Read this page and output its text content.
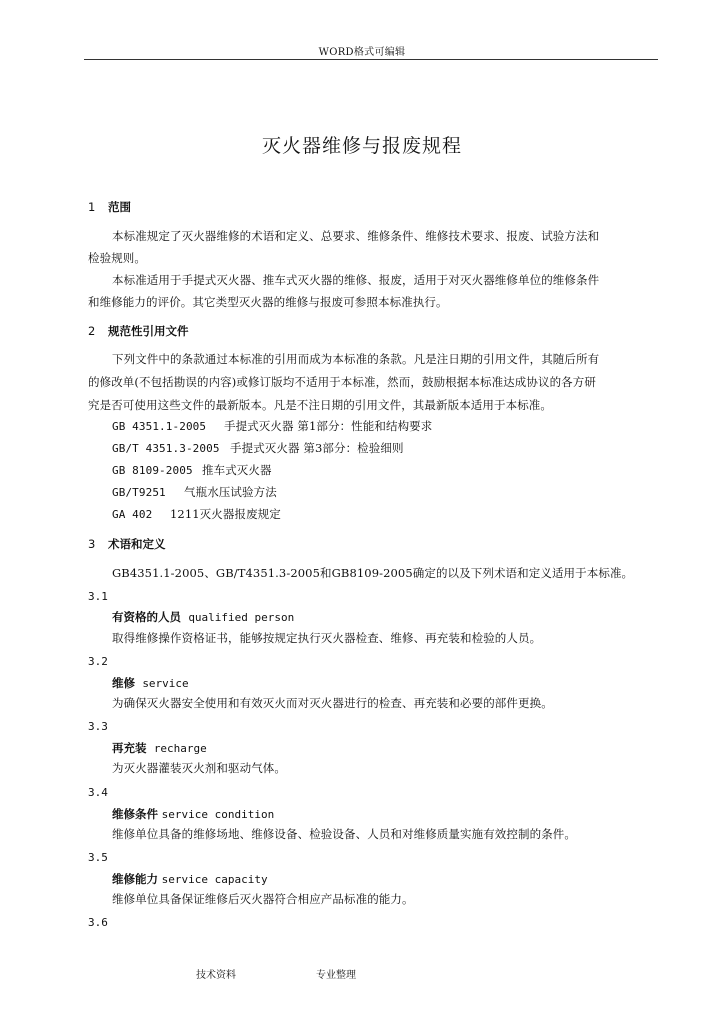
WORD格式可编辑
灭火器维修与报废规程
1 范围
本标准规定了灭火器维修的术语和定义、总要求、维修条件、维修技术要求、报废、试验方法和
检验规则。
本标准适用于手提式灭火器、推车式灭火器的维修、报废，适用于对灭火器维修单位的维修条件
和维修能力的评价。其它类型灭火器的维修与报废可参照本标准执行。
2 规范性引用文件
下列文件中的条款通过本标准的引用而成为本标准的条款。凡是注日期的引用文件，其随后所有
的修改单(不包括勘误的内容)或修订版均不适用于本标准，然而，鼓励根据本标准达成协议的各方研
究是否可使用这些文件的最新版本。凡是不注日期的引用文件，其最新版本适用于本标准。
GB 4351.1-2005 手提式灭火器 第1部分：性能和结构要求
GB/T 4351.3-2005 手提式灭火器 第3部分：检验细则
GB 8109-2005 推车式灭火器
GB/T9251 气瓶水压试验方法
GA 402 1211灭火器报废规定
3 术语和定义
GB4351.1-2005、GB/T4351.3-2005和GB8109-2005确定的以及下列术语和定义适用于本标准。
3.1
有资格的人员 qualified person
取得维修操作资格证书，能够按规定执行灭火器检查、维修、再充装和检验的人员。
3.2
维修 service
为确保灭火器安全使用和有效灭火而对灭火器进行的检查、再充装和必要的部件更换。
3.3
再充装 recharge
为灭火器灌装灭火剂和驱动气体。
3.4
维修条件 service condition
维修单位具备的维修场地、维修设备、检验设备、人员和对维修质量实施有效控制的条件。
3.5
维修能力 service capacity
维修单位具备保证维修后灭火器符合相应产品标准的能力。
3.6
技术资料	专业整理
